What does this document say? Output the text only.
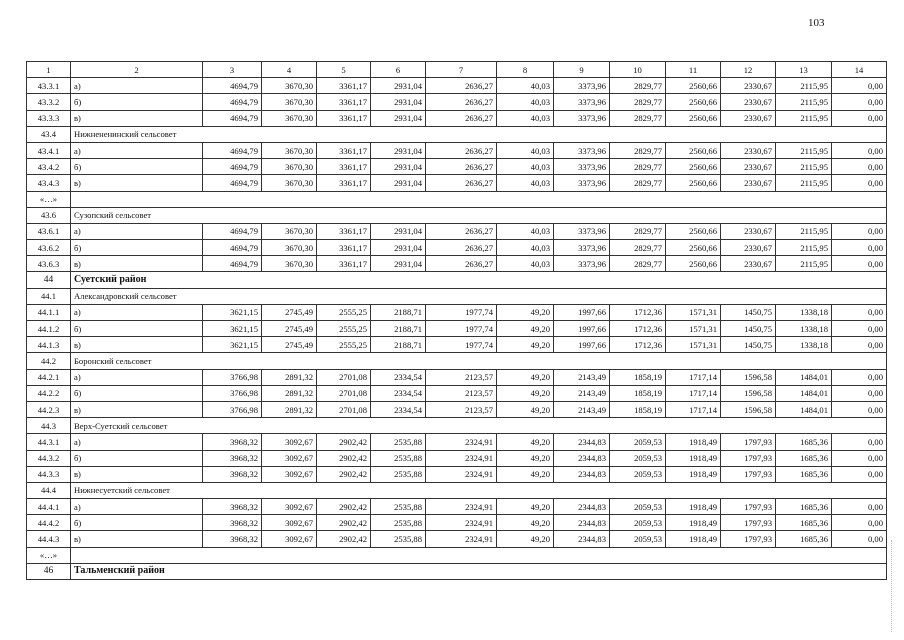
103
1	2	3	4	5	6	7	8	9	10	11	12	13	14
43.3.1	а)	4694,79	3670,30	3361,17	2931,04	2636,27	40,03	3373,96	2829,77	2560,66	2330,67	2115,95	0,00
43.3.2	б)	4694,79	3670,30	3361,17	2931,04	2636,27	40,03	3373,96	2829,77	2560,66	2330,67	2115,95	0,00
43.3.3	в)	4694,79	3670,30	3361,17	2931,04	2636,27	40,03	3373,96	2829,77	2560,66	2330,67	2115,95	0,00
43.4	Нижнененинский сельсовет												
43.4.1	а)	4694,79	3670,30	3361,17	2931,04	2636,27	40,03	3373,96	2829,77	2560,66	2330,67	2115,95	0,00
43.4.2	б)	4694,79	3670,30	3361,17	2931,04	2636,27	40,03	3373,96	2829,77	2560,66	2330,67	2115,95	0,00
43.4.3	в)	4694,79	3670,30	3361,17	2931,04	2636,27	40,03	3373,96	2829,77	2560,66	2330,67	2115,95	0,00
«…»													
43.6	Сузопский сельсовет												
43.6.1	а)	4694,79	3670,30	3361,17	2931,04	2636,27	40,03	3373,96	2829,77	2560,66	2330,67	2115,95	0,00
43.6.2	б)	4694,79	3670,30	3361,17	2931,04	2636,27	40,03	3373,96	2829,77	2560,66	2330,67	2115,95	0,00
43.6.3	в)	4694,79	3670,30	3361,17	2931,04	2636,27	40,03	3373,96	2829,77	2560,66	2330,67	2115,95	0,00
44	Суетский район												
44.1	Александровский сельсовет												
44.1.1	а)	3621,15	2745,49	2555,25	2188,71	1977,74	49,20	1997,66	1712,36	1571,31	1450,75	1338,18	0,00
44.1.2	б)	3621,15	2745,49	2555,25	2188,71	1977,74	49,20	1997,66	1712,36	1571,31	1450,75	1338,18	0,00
44.1.3	в)	3621,15	2745,49	2555,25	2188,71	1977,74	49,20	1997,66	1712,36	1571,31	1450,75	1338,18	0,00
44.2	Боронский сельсовет												
44.2.1	а)	3766,98	2891,32	2701,08	2334,54	2123,57	49,20	2143,49	1858,19	1717,14	1596,58	1484,01	0,00
44.2.2	б)	3766,98	2891,32	2701,08	2334,54	2123,57	49,20	2143,49	1858,19	1717,14	1596,58	1484,01	0,00
44.2.3	в)	3766,98	2891,32	2701,08	2334,54	2123,57	49,20	2143,49	1858,19	1717,14	1596,58	1484,01	0,00
44.3	Верх-Суетский сельсовет												
44.3.1	а)	3968,32	3092,67	2902,42	2535,88	2324,91	49,20	2344,83	2059,53	1918,49	1797,93	1685,36	0,00
44.3.2	б)	3968,32	3092,67	2902,42	2535,88	2324,91	49,20	2344,83	2059,53	1918,49	1797,93	1685,36	0,00
44.3.3	в)	3968,32	3092,67	2902,42	2535,88	2324,91	49,20	2344,83	2059,53	1918,49	1797,93	1685,36	0,00
44.4	Нижнесуетский сельсовет												
44.4.1	а)	3968,32	3092,67	2902,42	2535,88	2324,91	49,20	2344,83	2059,53	1918,49	1797,93	1685,36	0,00
44.4.2	б)	3968,32	3092,67	2902,42	2535,88	2324,91	49,20	2344,83	2059,53	1918,49	1797,93	1685,36	0,00
44.4.3	в)	3968,32	3092,67	2902,42	2535,88	2324,91	49,20	2344,83	2059,53	1918,49	1797,93	1685,36	0,00
«…»													
46	Тальменский район												
